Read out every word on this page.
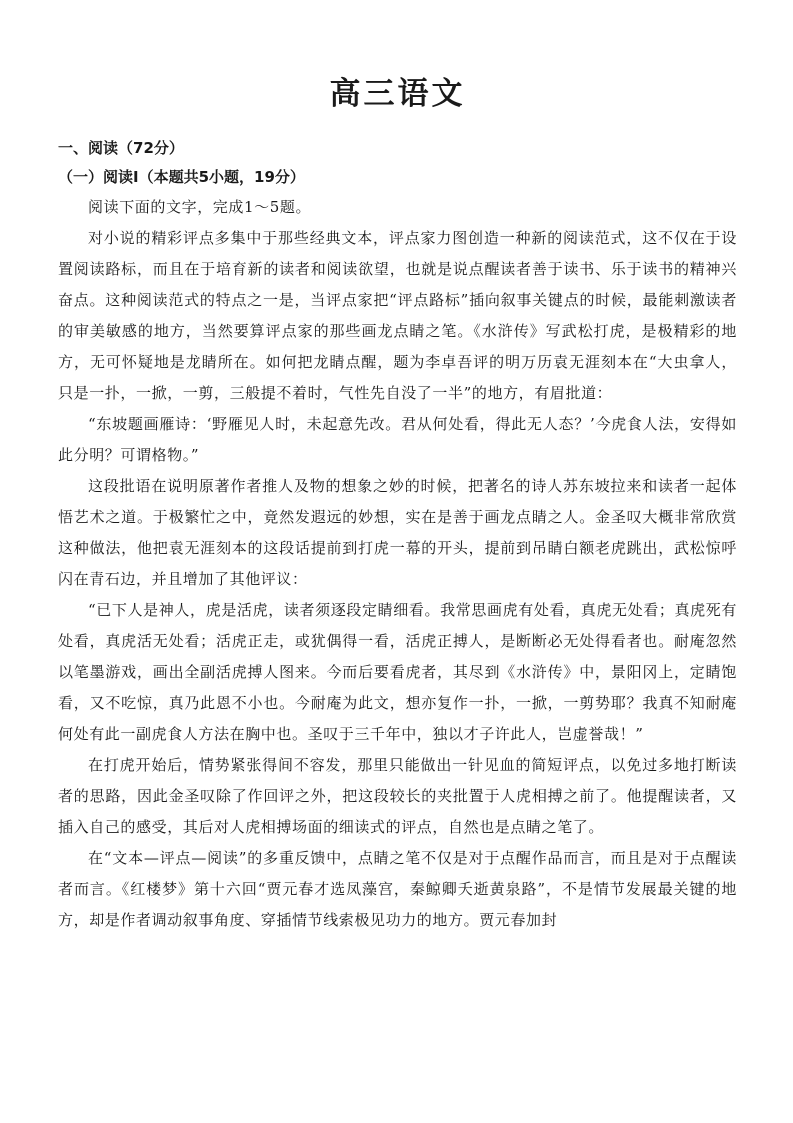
高三语文

一、阅读（72分）

（一）阅读Ⅰ（本题共5小题，19分）

阅读下面的文字，完成1～5题。

对小说的精彩评点多集中于那些经典文本，评点家力图创造一种新的阅读范式，这不仅在于设置阅读路标，而且在于培育新的读者和阅读欲望，也就是说点醒读者善于读书、乐于读书的精神兴奋点。这种阅读范式的特点之一是，当评点家把“评点路标”插向叙事关键点的时候，最能刺激读者的审美敏感的地方，当然要算评点家的那些画龙点睛之笔。《水浒传》写武松打虎，是极精彩的地方，无可怀疑地是龙睛所在。如何把龙睛点醒，题为李卓吾评的明万历袁无涯刻本在“大虫拿人，只是一扑，一掀，一剪，三般提不着时，气性先自没了一半”的地方，有眉批道：

“东坡题画雁诗：‘野雁见人时，未起意先改。君从何处看，得此无人态？’今虎食人法，安得如此分明？可谓格物。”

这段批语在说明原著作者推人及物的想象之妙的时候，把著名的诗人苏东坡拉来和读者一起体悟艺术之道。于极繁忙之中，竟然发遐远的妙想，实在是善于画龙点睛之人。金圣叹大概非常欣赏这种做法，他把袁无涯刻本的这段话提前到打虎一幕的开头，提前到吊睛白额老虎跳出，武松惊呼闪在青石边，并且增加了其他评议：

“已下人是神人，虎是活虎，读者须逐段定睛细看。我常思画虎有处看，真虎无处看；真虎死有处看，真虎活无处看；活虎正走，或犹偶得一看，活虎正搏人，是断断必无处得看者也。耐庵忽然以笔墨游戏，画出全副活虎搏人图来。今而后要看虎者，其尽到《水浒传》中，景阳冈上，定睛饱看，又不吃惊，真乃此恩不小也。今耐庵为此文，想亦复作一扑，一掀，一剪势耶？我真不知耐庵何处有此一副虎食人方法在胸中也。圣叹于三千年中，独以才子许此人，岂虚誉哉！”

在打虎开始后，情势紧张得间不容发，那里只能做出一针见血的简短评点，以免过多地打断读者的思路，因此金圣叹除了作回评之外，把这段较长的夹批置于人虎相搏之前了。他提醒读者，又插入自己的感受，其后对人虎相搏场面的细读式的评点，自然也是点睛之笔了。

在“文本—评点—阅读”的多重反馈中，点睛之笔不仅是对于点醒作品而言，而且是对于点醒读者而言。《红楼梦》第十六回“贾元春才选凤藻宫，秦鲸卿夭逝黄泉路”，不是情节发展最关键的地方，却是作者调动叙事角度、穿插情节线索极见功力的地方。贾元春加封
